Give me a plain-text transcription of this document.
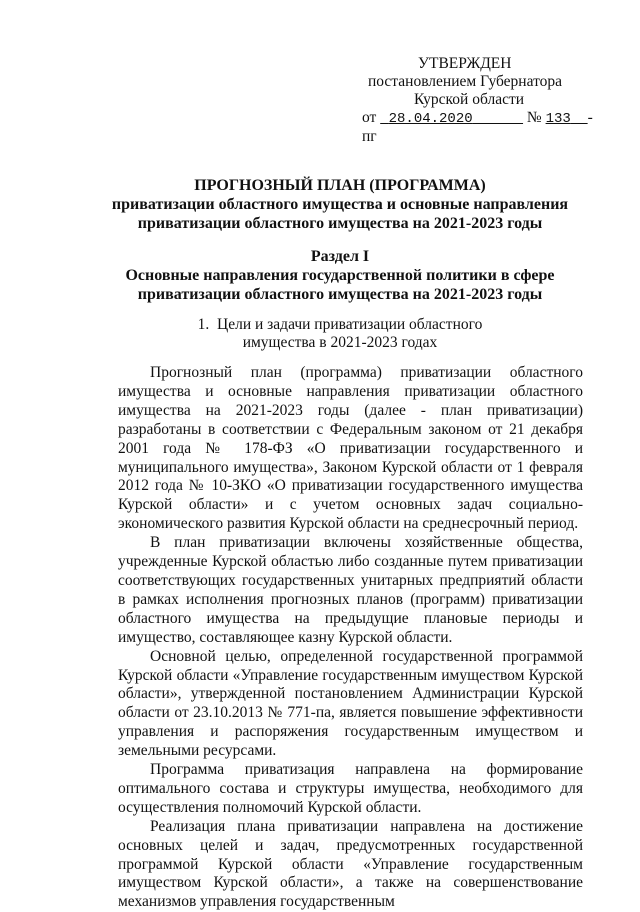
УТВЕРЖДЕН
постановлением Губернатора
Курской области
от 28.04.2020	№ 133 -пг
ПРОГНОЗНЫЙ ПЛАН (ПРОГРАММА)
приватизации областного имущества и основные направления
приватизации областного имущества на 2021-2023 годы
Раздел I
Основные направления государственной политики в сфере
приватизации областного имущества на 2021-2023 годы
1.  Цели и задачи приватизации областного
имущества в 2021-2023 годах

Прогнозный план (программа) приватизации областного имущества и основные направления приватизации областного имущества на 2021-2023 годы (далее - план приватизации) разработаны в соответствии с Федеральным законом от 21 декабря 2001 года № 178-ФЗ «О приватизации государственного и муниципального имущества», Законом Курской области от 1 февраля 2012 года № 10-ЗКО «О приватизации государственного имущества Курской области» и с учетом основных задач социально-экономического развития Курской области на среднесрочный период.

В план приватизации включены хозяйственные общества, учрежденные Курской областью либо созданные путем приватизации соответствующих государственных унитарных предприятий области в рамках исполнения прогнозных планов (программ) приватизации областного имущества на предыдущие плановые периоды и имущество, составляющее казну Курской области.

Основной целью, определенной государственной программой Курской области «Управление государственным имуществом Курской области», утвержденной постановлением Администрации Курской области от 23.10.2013 № 771-па, является повышение эффективности управления и распоряжения государственным имуществом и земельными ресурсами.

Программа приватизация направлена на формирование оптимального состава и структуры имущества, необходимого для осуществления полномочий Курской области.

Реализация плана приватизации направлена на достижение основных целей и задач, предусмотренных государственной программой Курской области «Управление государственным имуществом Курской области», а также на совершенствование механизмов управления государственным
